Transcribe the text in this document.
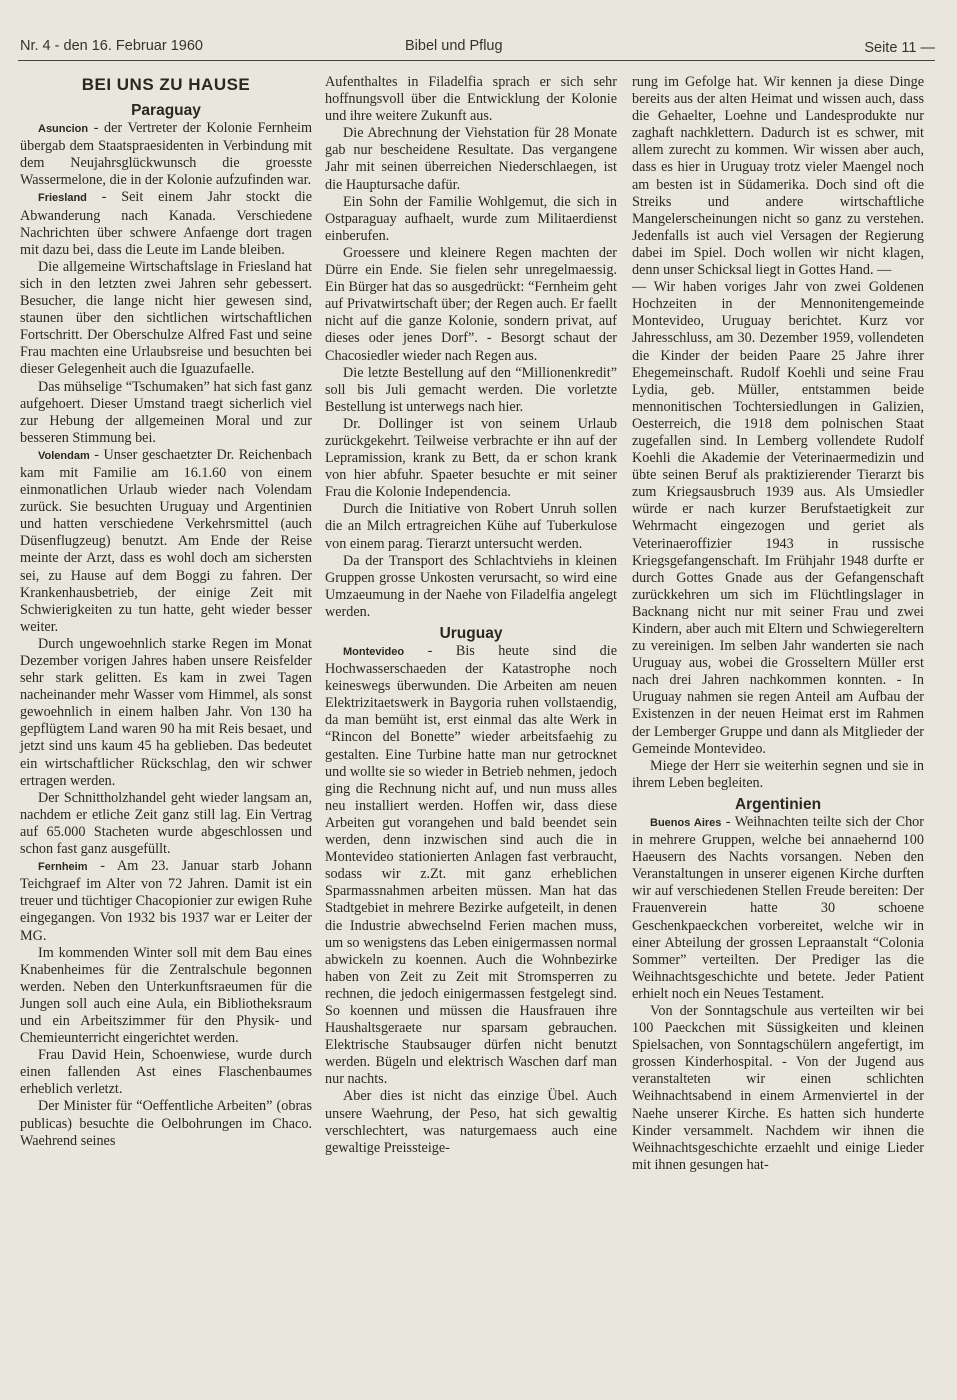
Nr. 4 - den 16. Februar 1960	Bibel und Pflug	Seite 11 —
BEI UNS ZU HAUSE
Paraguay

Asuncion - der Vertreter der Kolonie Fernheim übergab dem Staatspraesidenten in Verbindung mit dem Neujahrsglückwunsch die groesste Wassermelone, die in der Kolonie aufzufinden war.

Friesland - Seit einem Jahr stockt die Abwanderung nach Kanada. Verschiedene Nachrichten über schwere Anfaenge dort tragen mit dazu bei, dass die Leute im Lande bleiben.

Die allgemeine Wirtschaftslage in Friesland hat sich in den letzten zwei Jahren sehr gebessert. Besucher, die lange nicht hier gewesen sind, staunen über den sichtlichen wirtschaftlichen Fortschritt. Der Oberschulze Alfred Fast und seine Frau machten eine Urlaubsreise und besuchten bei dieser Gelegenheit auch die Iguazufaelle.

Das mühselige “Tschumaken” hat sich fast ganz aufgehoert. Dieser Umstand traegt sicherlich viel zur Hebung der allgemeinen Moral und zur besseren Stimmung bei.

Volendam - Unser geschaetzter Dr. Reichenbach kam mit Familie am 16.1.60 von einem einmonatlichen Urlaub wieder nach Volendam zurück. Sie besuchten Uruguay und Argentinien und hatten verschiedene Verkehrsmittel (auch Düsenflugzeug) benutzt. Am Ende der Reise meinte der Arzt, dass es wohl doch am sichersten sei, zu Hause auf dem Boggi zu fahren. Der Krankenhausbetrieb, der einige Zeit mit Schwierigkeiten zu tun hatte, geht wieder besser weiter.

Durch ungewoehnlich starke Regen im Monat Dezember vorigen Jahres haben unsere Reisfelder sehr stark gelitten. Es kam in zwei Tagen nacheinander mehr Wasser vom Himmel, als sonst gewoehnlich in einem halben Jahr. Von 130 ha gepflügtem Land waren 90 ha mit Reis besaet, und jetzt sind uns kaum 45 ha geblieben. Das bedeutet ein wirtschaftlicher Rückschlag, den wir schwer ertragen werden.

Der Schnittholzhandel geht wieder langsam an, nachdem er etliche Zeit ganz still lag. Ein Vertrag auf 65.000 Stacheten wurde abgeschlossen und schon fast ganz ausgefüllt.

Fernheim - Am 23. Januar starb Johann Teichgraef im Alter von 72 Jahren. Damit ist ein treuer und tüchtiger Chacopionier zur ewigen Ruhe eingegangen. Von 1932 bis 1937 war er Leiter der MG.

Im kommenden Winter soll mit dem Bau eines Knabenheimes für die Zentralschule begonnen werden. Neben den Unterkunftsraeumen für die Jungen soll auch eine Aula, ein Bibliotheksraum und ein Arbeitszimmer für den Physik- und Chemieunterricht eingerichtet werden.

Frau David Hein, Schoenwiese, wurde durch einen fallenden Ast eines Flaschenbaumes erheblich verletzt.

Der Minister für “Oeffentliche Arbeiten” (obras publicas) besuchte die Oelbohrungen im Chaco. Waehrend seines

Aufenthaltes in Filadelfia sprach er sich sehr hoffnungsvoll über die Entwicklung der Kolonie und ihre weitere Zukunft aus.

Die Abrechnung der Viehstation für 28 Monate gab nur bescheidene Resultate. Das vergangene Jahr mit seinen überreichen Niederschlaegen, ist die Hauptursache dafür.

Ein Sohn der Familie Wohlgemut, die sich in Ostparaguay aufhaelt, wurde zum Militaerdienst einberufen.

Groessere und kleinere Regen machten der Dürre ein Ende. Sie fielen sehr unregelmaessig. Ein Bürger hat das so ausgedrückt: “Fernheim geht auf Privatwirtschaft über; der Regen auch. Er faellt nicht auf die ganze Kolonie, sondern privat, auf dieses oder jenes Dorf”. - Besorgt schaut der Chacosiedler wieder nach Regen aus.

Die letzte Bestellung auf den “Millionenkredit” soll bis Juli gemacht werden. Die vorletzte Bestellung ist unterwegs nach hier.

Dr. Dollinger ist von seinem Urlaub zurückgekehrt. Teilweise verbrachte er ihn auf der Lepramission, krank zu Bett, da er schon krank von hier abfuhr. Spaeter besuchte er mit seiner Frau die Kolonie Independencia.

Durch die Initiative von Robert Unruh sollen die an Milch ertragreichen Kühe auf Tuberkulose von einem parag. Tierarzt untersucht werden.

Da der Transport des Schlachtviehs in kleinen Gruppen grosse Unkosten verursacht, so wird eine Umzaeumung in der Naehe von Filadelfia angelegt werden.

Uruguay

Montevideo - Bis heute sind die Hochwasserschaeden der Katastrophe noch keineswegs überwunden. Die Arbeiten am neuen Elektrizitaetswerk in Baygoria ruhen vollstaendig, da man bemüht ist, erst einmal das alte Werk in “Rincon del Bonette” wieder arbeitsfaehig zu gestalten. Eine Turbine hatte man nur getrocknet und wollte sie so wieder in Betrieb nehmen, jedoch ging die Rechnung nicht auf, und nun muss alles neu installiert werden. Hoffen wir, dass diese Arbeiten gut vorangehen und bald beendet sein werden, denn inzwischen sind auch die in Montevideo stationierten Anlagen fast verbraucht, sodass wir z.Zt. mit ganz erheblichen Sparmassnahmen arbeiten müssen. Man hat das Stadtgebiet in mehrere Bezirke aufgeteilt, in denen die Industrie abwechselnd Ferien machen muss, um so wenigstens das Leben einigermassen normal abwickeln zu koennen. Auch die Wohnbezirke haben von Zeit zu Zeit mit Stromsperren zu rechnen, die jedoch einigermassen festgelegt sind. So koennen und müssen die Hausfrauen ihre Haushaltsgeraete nur sparsam gebrauchen. Elektrische Staubsauger dürfen nicht benutzt werden. Bügeln und elektrisch Waschen darf man nur nachts.

Aber dies ist nicht das einzige Übel. Auch unsere Waehrung, der Peso, hat sich gewaltig verschlechtert, was naturgemaess auch eine gewaltige Preissteige-

rung im Gefolge hat. Wir kennen ja diese Dinge bereits aus der alten Heimat und wissen auch, dass die Gehaelter, Loehne und Landesprodukte nur zaghaft nachklettern. Dadurch ist es schwer, mit allem zurecht zu kommen. Wir wissen aber auch, dass es hier in Uruguay trotz vieler Maengel noch am besten ist in Südamerika. Doch sind oft die Streiks und andere wirtschaftliche Mangelerscheinungen nicht so ganz zu verstehen. Jedenfalls ist auch viel Versagen der Regierung dabei im Spiel. Doch wollen wir nicht klagen, denn unser Schicksal liegt in Gottes Hand. —

— Wir haben voriges Jahr von zwei Goldenen Hochzeiten in der Mennonitengemeinde Montevideo, Uruguay berichtet. Kurz vor Jahresschluss, am 30. Dezember 1959, vollendeten die Kinder der beiden Paare 25 Jahre ihrer Ehegemeinschaft. Rudolf Koehli und seine Frau Lydia, geb. Müller, entstammen beide mennonitischen Tochtersiedlungen in Galizien, Oesterreich, die 1918 dem polnischen Staat zugefallen sind. In Lemberg vollendete Rudolf Koehli die Akademie der Veterinaermedizin und übte seinen Beruf als praktizierender Tierarzt bis zum Kriegsausbruch 1939 aus. Als Umsiedler würde er nach kurzer Berufstaetigkeit zur Wehrmacht eingezogen und geriet als Veterinaeroffizier 1943 in russische Kriegsgefangenschaft. Im Frühjahr 1948 durfte er durch Gottes Gnade aus der Gefangenschaft zurückkehren um sich im Flüchtlingslager in Backnang nicht nur mit seiner Frau und zwei Kindern, aber auch mit Eltern und Schwiegereltern zu vereinigen. Im selben Jahr wanderten sie nach Uruguay aus, wobei die Grosseltern Müller erst nach drei Jahren nachkommen konnten. - In Uruguay nahmen sie regen Anteil am Aufbau der Existenzen in der neuen Heimat erst im Rahmen der Lemberger Gruppe und dann als Mitglieder der Gemeinde Montevideo.

Miege der Herr sie weiterhin segnen und sie in ihrem Leben begleiten.

Argentinien

Buenos Aires - Weihnachten teilte sich der Chor in mehrere Gruppen, welche bei annaehernd 100 Haeusern des Nachts vorsangen. Neben den Veranstaltungen in unserer eigenen Kirche durften wir auf verschiedenen Stellen Freude bereiten: Der Frauenverein hatte 30 schoene Geschenkpaeckchen vorbereitet, welche wir in einer Abteilung der grossen Lepraanstalt “Colonia Sommer” verteilten. Der Prediger las die Weihnachtsgeschichte und betete. Jeder Patient erhielt noch ein Neues Testament.

Von der Sonntagschule aus verteilten wir bei 100 Paeckchen mit Süssigkeiten und kleinen Spielsachen, von Sonntagschülern angefertigt, im grossen Kinderhospital. - Von der Jugend aus veranstalteten wir einen schlichten Weihnachtsabend in einem Armenviertel in der Naehe unserer Kirche. Es hatten sich hunderte Kinder versammelt. Nachdem wir ihnen die Weihnachtsgeschichte erzaehlt und einige Lieder mit ihnen gesungen hat-
